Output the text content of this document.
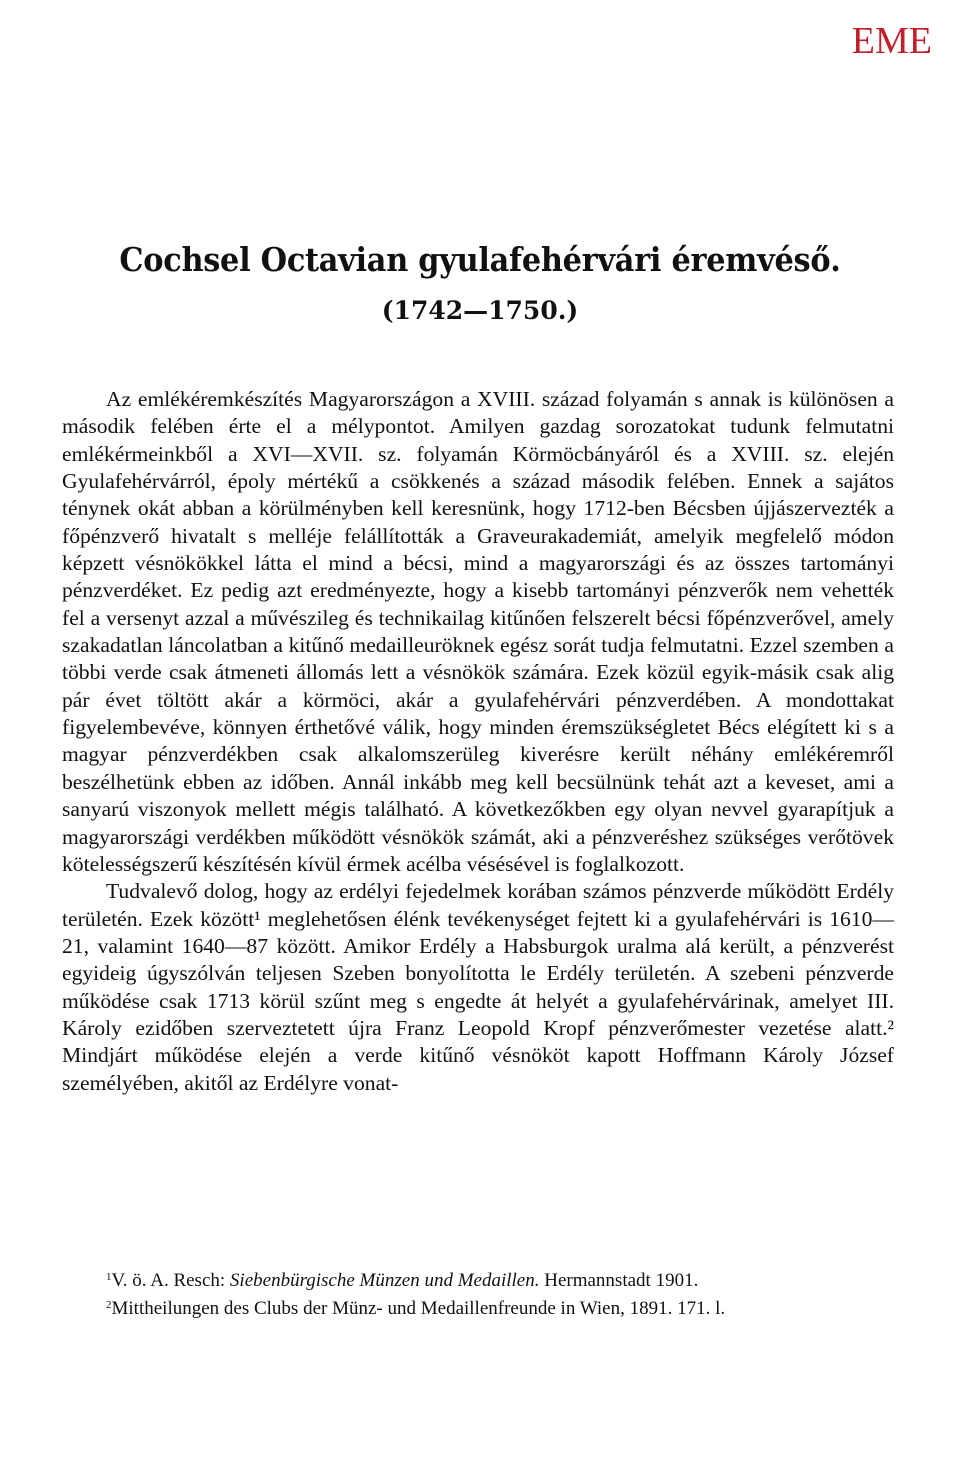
EME
Cochsel Octavian gyulafehérvári éremvéső.
(1742—1750.)

Az emlékéremkészítés Magyarországon a XVIII. század folyamán s annak is különösen a második felében érte el a mélypontot. Amilyen gazdag sorozatokat tudunk felmutatni emlékérmeinkből a XVI—XVII. sz. folyamán Körmöcbányáról és a XVIII. sz. elején Gyulafehérvárról, époly mértékű a csökkenés a század második felében. Ennek a sajátos ténynek okát abban a körülményben kell keresnünk, hogy 1712-ben Bécsben újjászervezték a főpénzverő hivatalt s melléje felállították a Graveurakademiát, amelyik megfelelő módon képzett vésnökökkel látta el mind a bécsi, mind a magyarországi és az összes tartományi pénzverdéket. Ez pedig azt eredményezte, hogy a kisebb tartományi pénzverők nem vehették fel a versenyt azzal a művészileg és technikailag kitűnően felszerelt bécsi főpénzverővel, amely szakadatlan láncolatban a kitűnő medailleuröknek egész sorát tudja felmutatni. Ezzel szemben a többi verde csak átmeneti állomás lett a vésnökök számára. Ezek közül egyik-másik csak alig pár évet töltött akár a körmöci, akár a gyulafehérvári pénzverdében. A mondottakat figyelembevéve, könnyen érthetővé válik, hogy minden éremszükségletet Bécs elégített ki s a magyar pénzverdékben csak alkalomszerüleg kiverésre került néhány emlékéremről beszélhetünk ebben az időben. Annál inkább meg kell becsülnünk tehát azt a keveset, ami a sanyarú viszonyok mellett mégis található. A következőkben egy olyan nevvel gyarapítjuk a magyarországi verdékben működött vésnökök számát, aki a pénzveréshez szükséges verőtövek kötelességszerű készítésén kívül érmek acélba vésésével is foglalkozott.

Tudvalevő dolog, hogy az erdélyi fejedelmek korában számos pénzverde működött Erdély területén. Ezek között¹ meglehetősen élénk tevékenységet fejtett ki a gyulafehérvári is 1610—21, valamint 1640—87 között. Amikor Erdély a Habsburgok uralma alá került, a pénzverést egyideig úgyszólván teljesen Szeben bonyolította le Erdély területén. A szebeni pénzverde működése csak 1713 körül szűnt meg s engedte át helyét a gyulafehérvárinak, amelyet III. Károly ezidőben szerveztetett újra Franz Leopold Kropf pénzverőmester vezetése alatt.² Mindjárt működése elején a verde kitűnő vésnököt kapott Hoffmann Károly József személyében, akitől az Erdélyre vonat-

$^1$V. ö. A. Resch: Siebenbürgische Münzen und Medaillen. Hermannstadt 1901.

$^2$Mittheilungen des Clubs der Münz- und Medaillenfreunde in Wien, 1891. 171. l.
